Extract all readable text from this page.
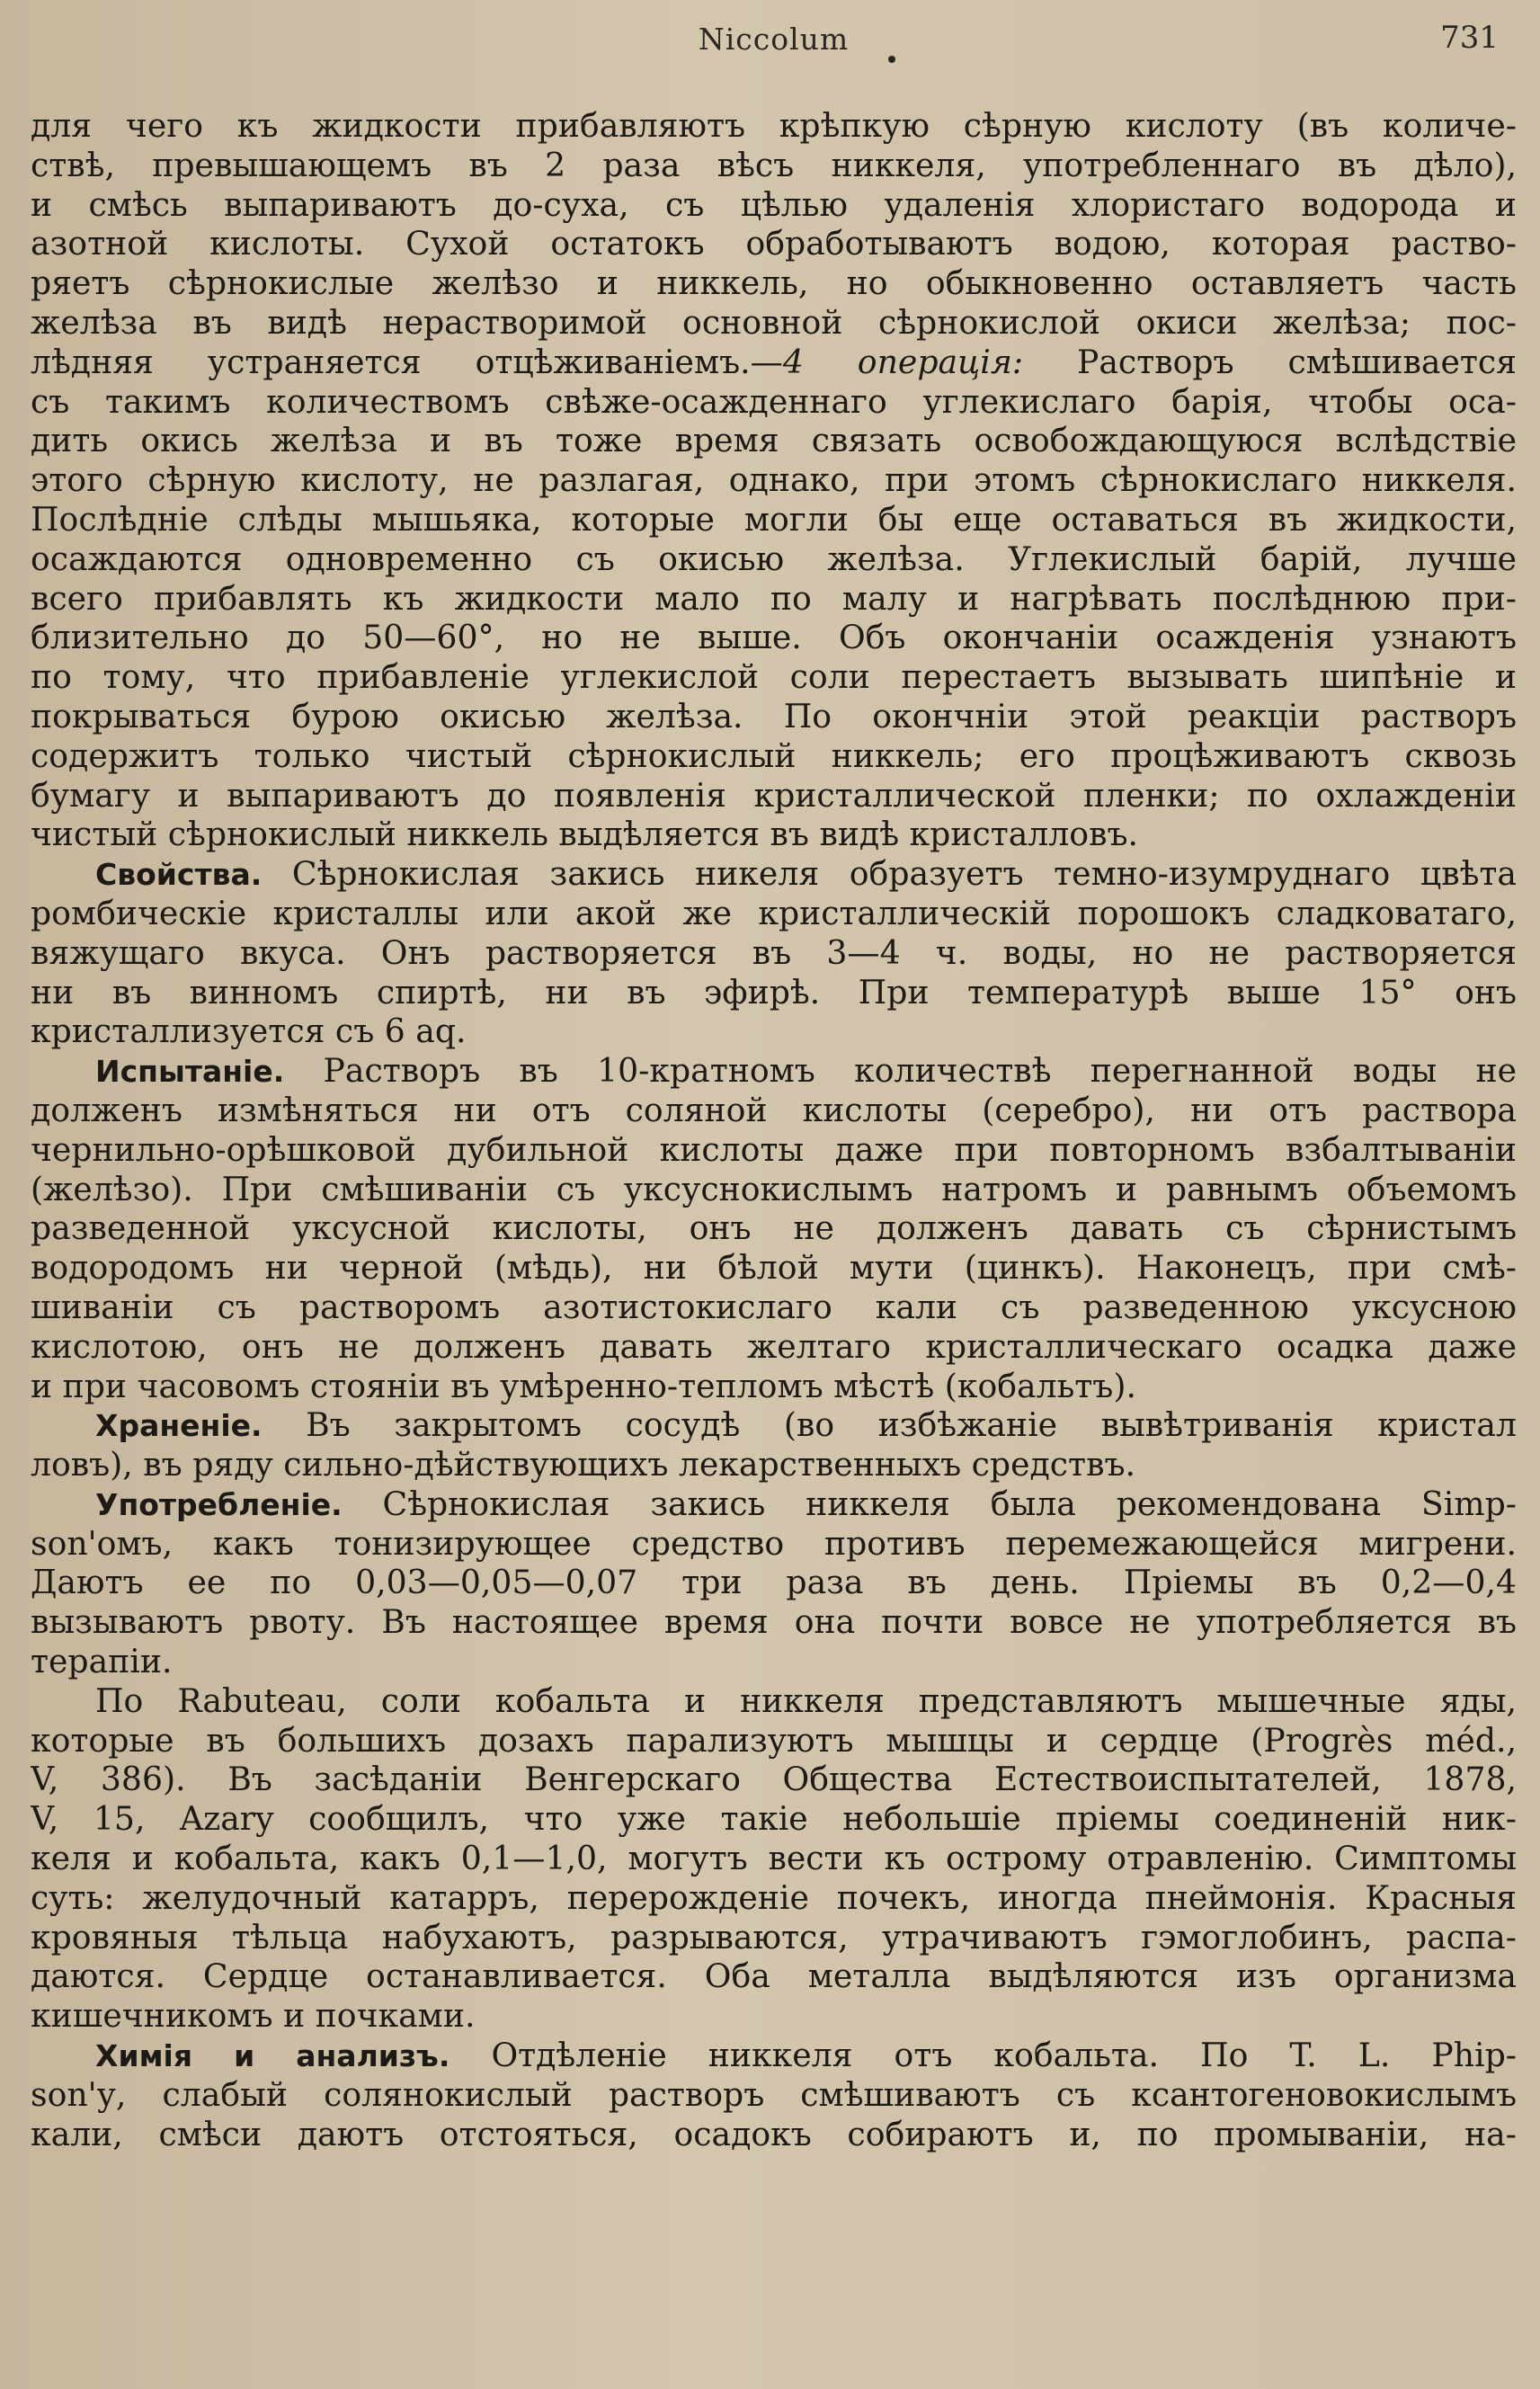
Niccolum	731
для чего къ жидкости прибавляютъ крѣпкую сѣрную кислоту (въ количе-
ствѣ, превышающемъ въ 2 раза вѣсъ никкеля, употребленнаго въ дѣло),
и смѣсь выпариваютъ до-суха, съ цѣлью удаленія хлористаго водорода и
азотной кислоты. Сухой остатокъ обработываютъ водою, которая раство-
ряетъ сѣрнокислые желѣзо и никкель, но обыкновенно оставляетъ часть
желѣза въ видѣ нерастворимой основной сѣрнокислой окиси желѣза; пос-
лѣдняя устраняется отцѣживаніемъ.—4 операція: Растворъ смѣшивается
съ такимъ количествомъ свѣже-осажденнаго углекислаго барія, чтобы оса-
дить окись желѣза и въ тоже время связать освобождающуюся вслѣдствіе
этого сѣрную кислоту, не разлагая, однако, при этомъ сѣрнокислаго никкеля.
Послѣдніе слѣды мышьяка, которые могли бы еще оставаться въ жидкости,
осаждаются одновременно съ окисью желѣза. Углекислый барій, лучше
всего прибавлять къ жидкости мало по малу и нагрѣвать послѣднюю при-
близительно до 50—60°, но не выше. Объ окончаніи осажденія узнаютъ
по тому, что прибавленіе углекислой соли перестаетъ вызывать шипѣніе и
покрываться бурою окисью желѣза. По окончніи этой реакціи растворъ
содержитъ только чистый сѣрнокислый никкель; его процѣживаютъ сквозь
бумагу и выпариваютъ до появленія кристаллической пленки; по охлажденіи
чистый сѣрнокислый никкель выдѣляется въ видѣ кристалловъ.
Свойства. Сѣрнокислая закись никеля образуетъ темно-изумруднаго цвѣта
ромбическіе кристаллы или акой же кристаллическій порошокъ сладковатаго,
вяжущаго вкуса. Онъ растворяется въ 3—4 ч. воды, но не растворяется
ни въ винномъ спиртѣ, ни въ эфирѣ. При температурѣ выше 15° онъ
кристаллизуется съ 6 aq.
Испытаніе. Растворъ въ 10-кратномъ количествѣ перегнанной воды не
долженъ измѣняться ни отъ соляной кислоты (серебро), ни отъ раствора
чернильно-орѣшковой дубильной кислоты даже при повторномъ взбалтываніи
(желѣзо). При смѣшиваніи съ уксуснокислымъ натромъ и равнымъ объемомъ
разведенной уксусной кислоты, онъ не долженъ давать съ сѣрнистымъ
водородомъ ни черной (мѣдь), ни бѣлой мути (цинкъ). Наконецъ, при смѣ-
шиваніи съ растворомъ азотистокислаго кали съ разведенною уксусною
кислотою, онъ не долженъ давать желтаго кристаллическаго осадка даже
и при часовомъ стояніи въ умѣренно-тепломъ мѣстѣ (кобальтъ).
Храненіе. Въ закрытомъ сосудѣ (во избѣжаніе вывѣтриванія кристал
ловъ), въ ряду сильно-дѣйствующихъ лекарственныхъ средствъ.
Употребленіе. Сѣрнокислая закись никкеля была рекомендована Simp-
son'омъ, какъ тонизирующее средство противъ перемежающейся мигрени.
Даютъ ее по 0,03—0,05—0,07 три раза въ день. Пріемы въ 0,2—0,4
вызываютъ рвоту. Въ настоящее время она почти вовсе не употребляется въ
терапіи.
По Rabuteau, соли кобальта и никкеля представляютъ мышечные яды,
которые въ большихъ дозахъ парализуютъ мышцы и сердце (Progrès méd.,
V, 386). Въ засѣданіи Венгерскаго Общества Естествоиспытателей, 1878,
V, 15, Azary сообщилъ, что уже такіе небольшіе пріемы соединеній ник-
келя и кобальта, какъ 0,1—1,0, могутъ вести къ острому отравленію. Симптомы
суть: желудочный катарръ, перерожденіе почекъ, иногда пнеймонія. Красныя
кровяныя тѣльца набухаютъ, разрываются, утрачиваютъ гэмоглобинъ, распа-
даются. Сердце останавливается. Оба металла выдѣляются изъ организма
кишечникомъ и почками.
Химія и анализъ. Отдѣленіе никкеля отъ кобальта. По T. L. Phip-
son'у, слабый солянокислый растворъ смѣшиваютъ съ ксантогеновокислымъ
кали, смѣси даютъ отстояться, осадокъ собираютъ и, по промываніи, на-
